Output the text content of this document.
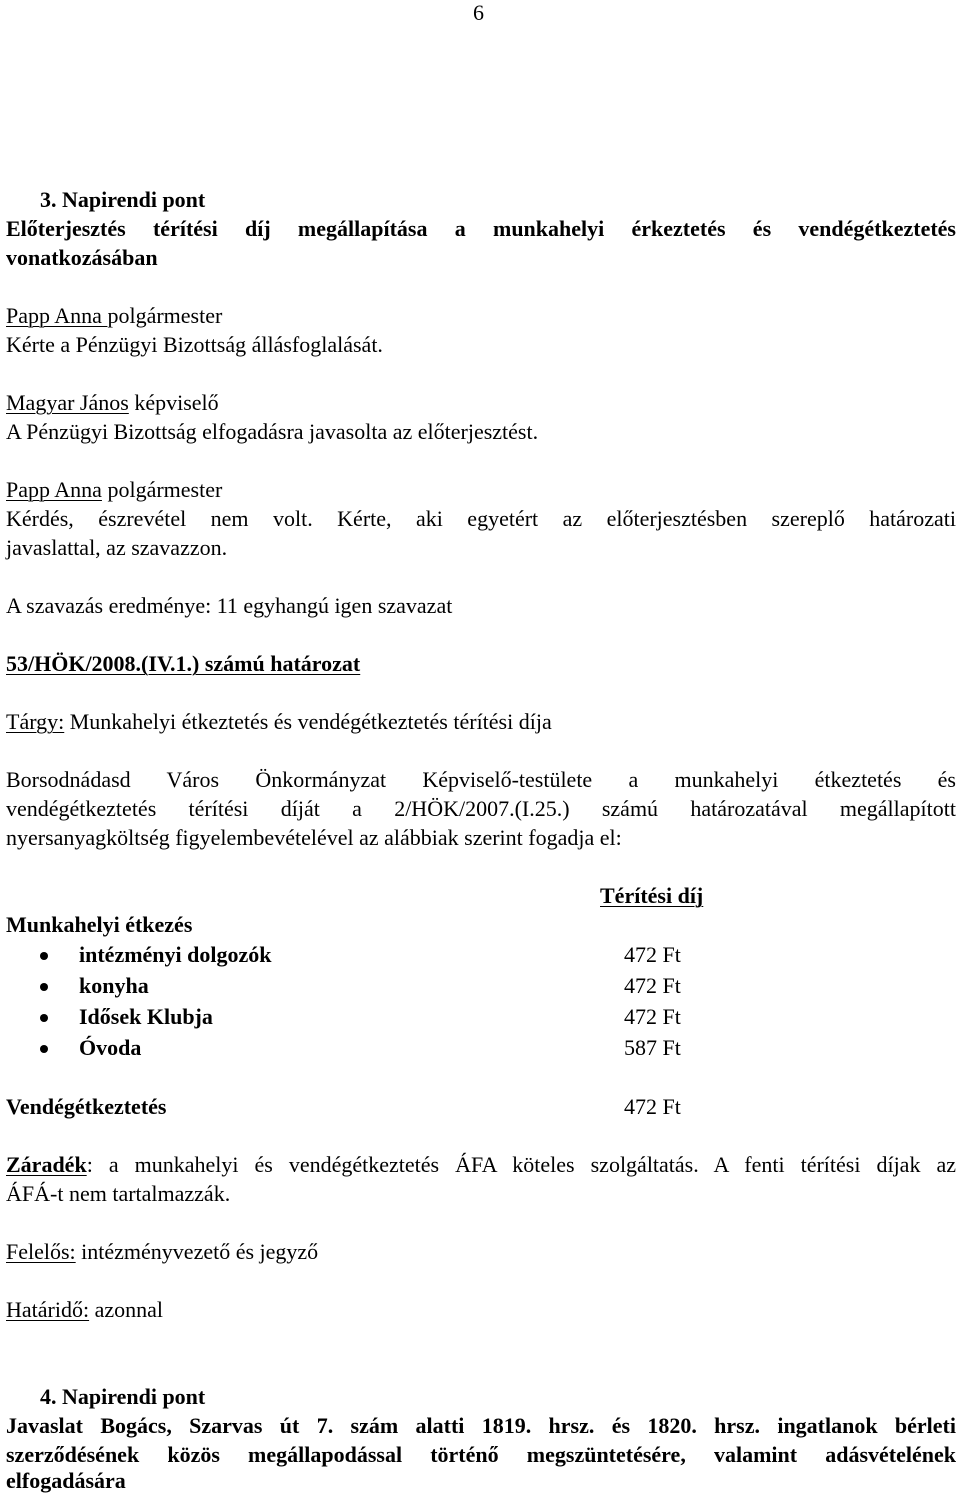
6
3. Napirendi pont
Előterjesztés térítési díj megállapítása a munkahelyi érkeztetés és vendégétkeztetés
vonatkozásában
Papp Anna polgármester
Kérte a Pénzügyi Bizottság állásfoglalását.
Magyar János képviselő
A Pénzügyi Bizottság elfogadásra javasolta az előterjesztést.
Papp Anna polgármester
Kérdés, észrevétel nem volt. Kérte, aki egyetért az előterjesztésben szereplő határozati
javaslattal, az szavazzon.
A szavazás eredménye: 11 egyhangú igen szavazat
53/HÖK/2008.(IV.1.) számú határozat
Tárgy: Munkahelyi étkeztetés és vendégétkeztetés térítési díja
Borsodnádasd Város Önkormányzat Képviselő-testülete a munkahelyi étkeztetés és
vendégétkeztetés térítési díját a 2/HÖK/2007.(I.25.) számú határozatával megállapított
nyersanyagköltség figyelembevételével az alábbiak szerint fogadja el:
Térítési díj
Munkahelyi étkezés
intézményi dolgozók	472 Ft
konyha	472 Ft
Idősek Klubja	472 Ft
Óvoda	587 Ft
Vendégétkeztetés	472 Ft
Záradék: a munkahelyi és vendégétkeztetés ÁFA köteles szolgáltatás. A fenti térítési díjak az
ÁFÁ-t nem tartalmazzák.
Felelős: intézményvezető és jegyző
Határidő: azonnal
4. Napirendi pont
Javaslat Bogács, Szarvas út 7. szám alatti 1819. hrsz. és 1820. hrsz. ingatlanok bérleti
szerződésének közös megállapodással történő megszüntetésére, valamint adásvételének
elfogadására
